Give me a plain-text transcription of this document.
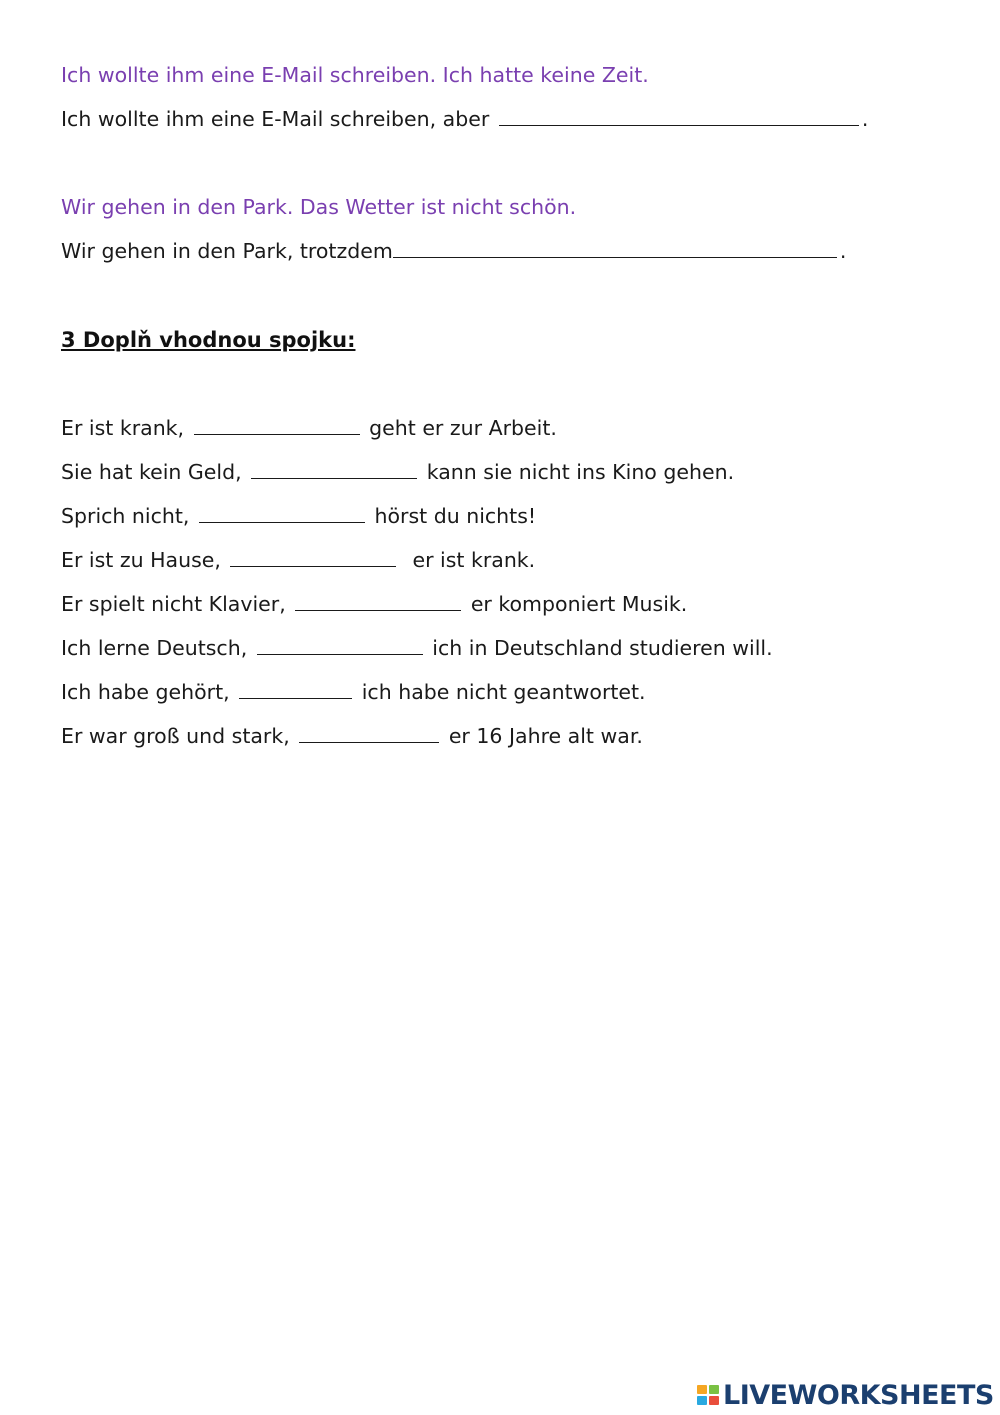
Ich wollte ihm eine E-Mail schreiben. Ich hatte keine Zeit.
Ich wollte ihm eine E-Mail schreiben, aber	.
Wir gehen in den Park. Das Wetter ist nicht schön.
Wir gehen in den Park, trotzdem	.
3 Doplň vhodnou spojku:
Er ist krank,	geht er zur Arbeit.
Sie hat kein Geld,	kann sie nicht ins Kino gehen.
Sprich nicht,	hörst du nichts!
Er ist zu Hause,	er ist krank.
Er spielt nicht Klavier,	er komponiert Musik.
Ich lerne Deutsch,	ich in Deutschland studieren will.
Ich habe gehört,	ich habe nicht geantwortet.
Er war groß und stark,	er 16 Jahre alt war.
LIVEWORKSHEETS
